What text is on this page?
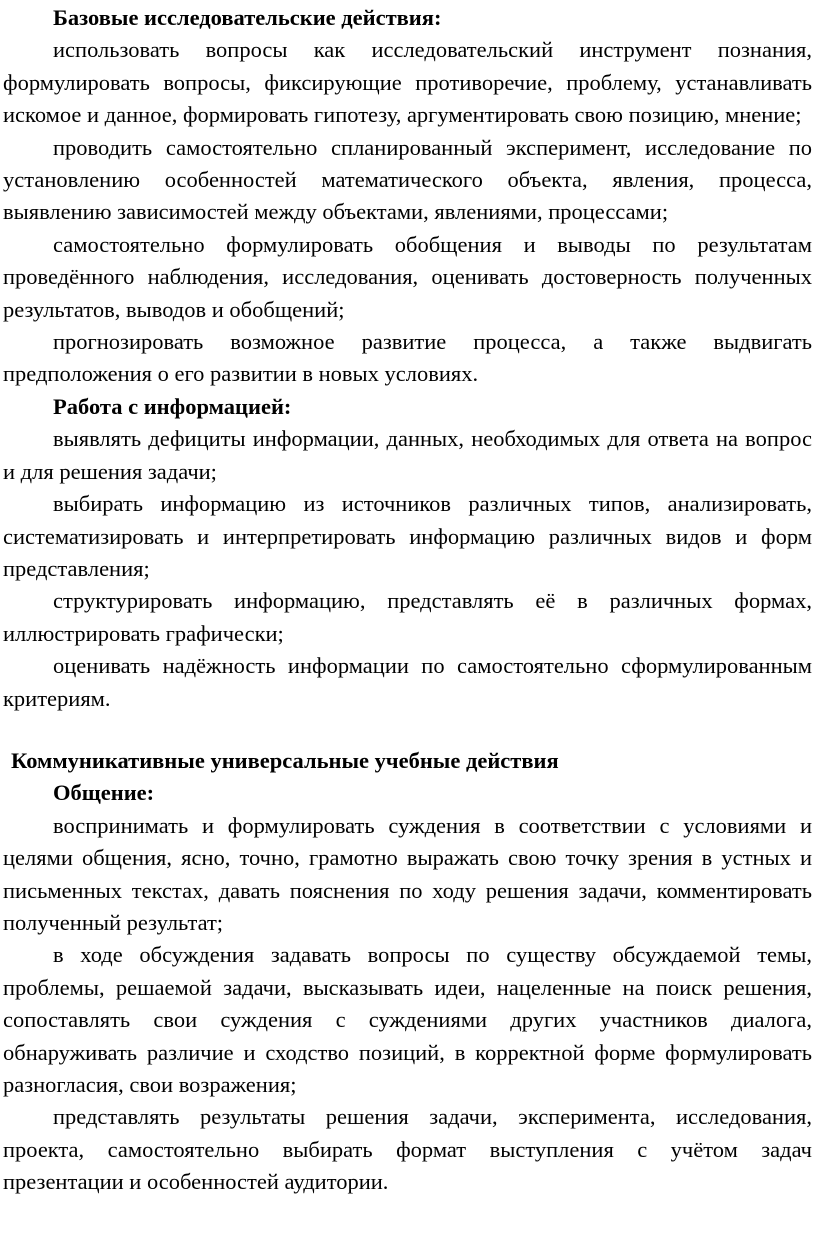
Базовые исследовательские действия:

использовать вопросы как исследовательский инструмент познания, формулировать вопросы, фиксирующие противоречие, проблему, устанавливать искомое и данное, формировать гипотезу, аргументировать свою позицию, мнение;

проводить самостоятельно спланированный эксперимент, исследование по установлению особенностей математического объекта, явления, процесса, выявлению зависимостей между объектами, явлениями, процессами;

самостоятельно формулировать обобщения и выводы по результатам проведённого наблюдения, исследования, оценивать достоверность полученных результатов, выводов и обобщений;

прогнозировать возможное развитие процесса, а также выдвигать предположения о его развитии в новых условиях.

Работа с информацией:

выявлять дефициты информации, данных, необходимых для ответа на вопрос и для решения задачи;

выбирать информацию из источников различных типов, анализировать, систематизировать и интерпретировать информацию различных видов и форм представления;

структурировать информацию, представлять её в различных формах, иллюстрировать графически;

оценивать надёжность информации по самостоятельно сформулированным критериям.

Коммуникативные универсальные учебные действия

Общение:

воспринимать и формулировать суждения в соответствии с условиями и целями общения, ясно, точно, грамотно выражать свою точку зрения в устных и письменных текстах, давать пояснения по ходу решения задачи, комментировать полученный результат;

в ходе обсуждения задавать вопросы по существу обсуждаемой темы, проблемы, решаемой задачи, высказывать идеи, нацеленные на поиск решения, сопоставлять свои суждения с суждениями других участников диалога, обнаруживать различие и сходство позиций, в корректной форме формулировать разногласия, свои возражения;

представлять результаты решения задачи, эксперимента, исследования, проекта, самостоятельно выбирать формат выступления с учётом задач презентации и особенностей аудитории.
